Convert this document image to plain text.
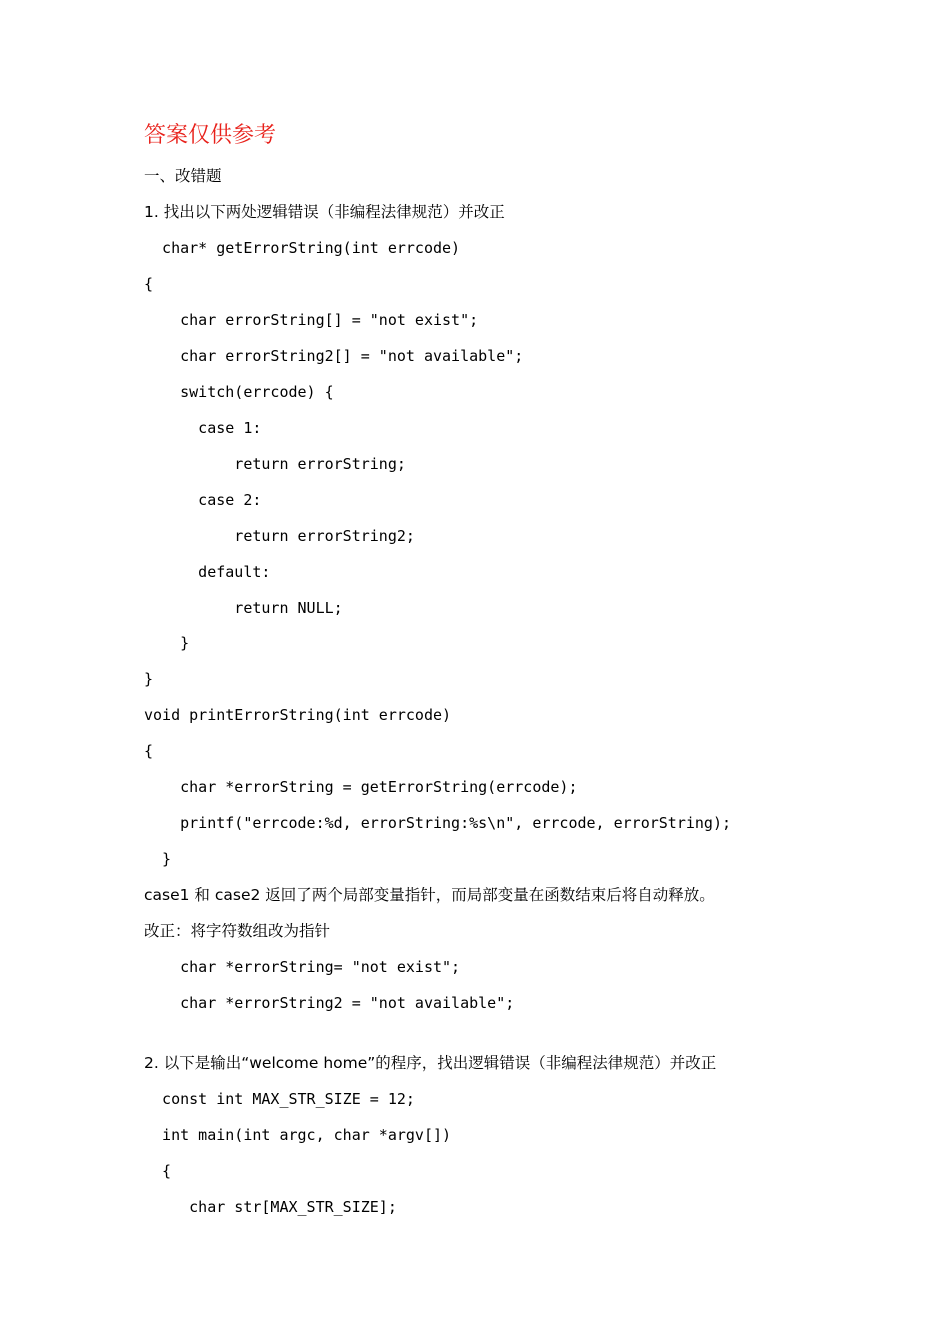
答案仅供参考
一、改错题
1. 找出以下两处逻辑错误（非编程法律规范）并改正
char* getErrorString(int errcode)
{
char errorString[] = "not exist";
char errorString2[] = "not available";
switch(errcode) {
case 1:
return errorString;
case 2:
return errorString2;
default:
return NULL;
}
}
void printErrorString(int errcode)
{
char *errorString = getErrorString(errcode);
printf("errcode:%d, errorString:%s\n", errcode, errorString);
}
case1 和 case2 返回了两个局部变量指针，而局部变量在函数结束后将自动释放。
改正：将字符数组改为指针
char *errorString= "not exist";
char *errorString2 = "not available";
2. 以下是输出“welcome home”的程序，找出逻辑错误（非编程法律规范）并改正
const int MAX_STR_SIZE = 12;
int main(int argc, char *argv[])
{
char str[MAX_STR_SIZE];
